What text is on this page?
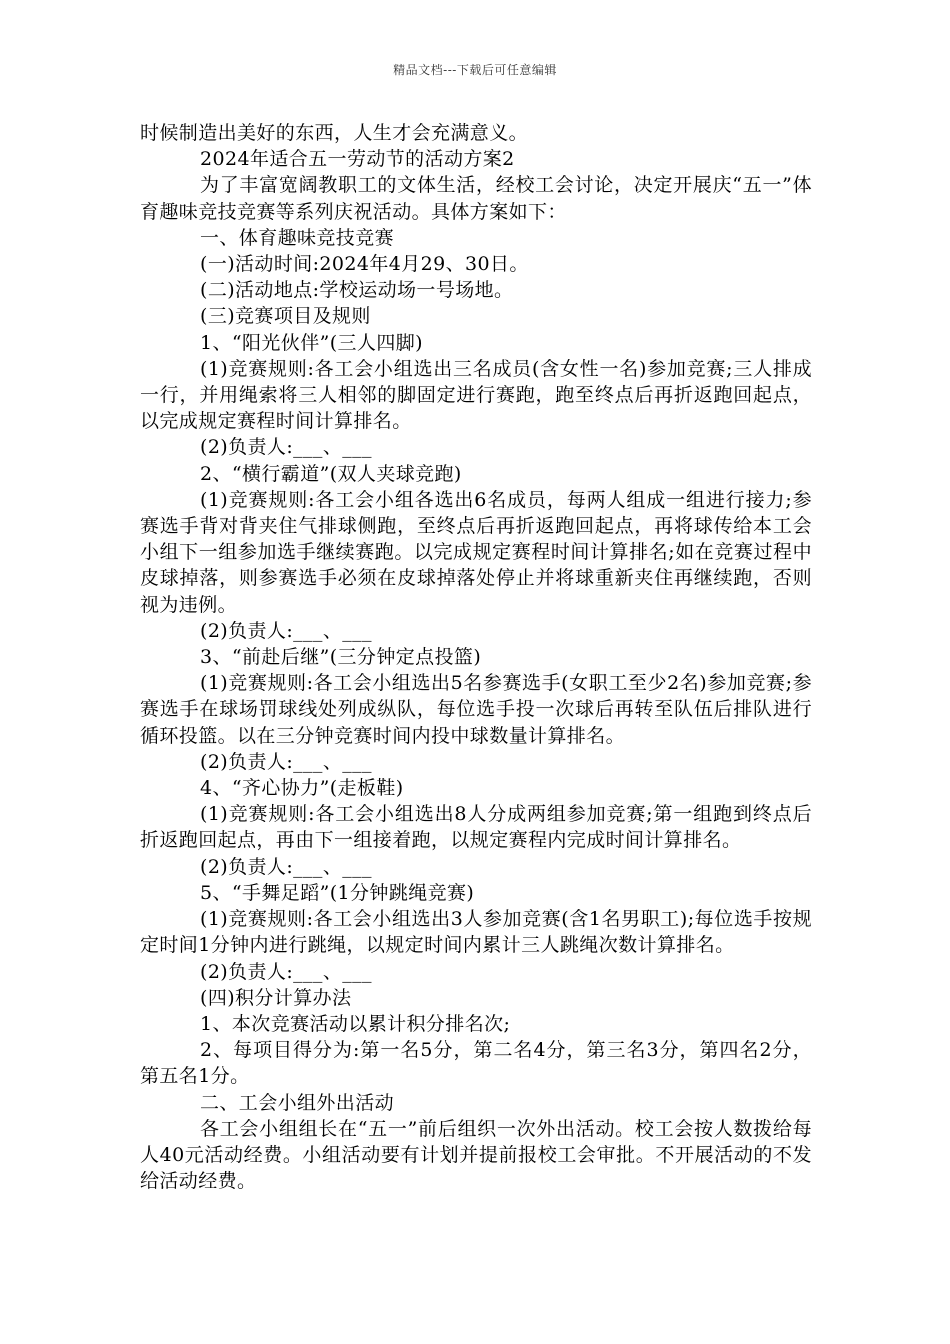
精品文档---下载后可任意编辑

时候制造出美好的东西，人生才会充满意义。

2024年适合五一劳动节的活动方案2

为了丰富宽阔教职工的文体生活，经校工会讨论，决定开展庆“五一”体育趣味竞技竞赛等系列庆祝活动。具体方案如下：

一、体育趣味竞技竞赛

(一)活动时间:2024年4月29、30日。

(二)活动地点:学校运动场一号场地。

(三)竞赛项目及规则

1、“阳光伙伴”(三人四脚)

(1)竞赛规则:各工会小组选出三名成员(含女性一名)参加竞赛;三人排成一行，并用绳索将三人相邻的脚固定进行赛跑，跑至终点后再折返跑回起点，以完成规定赛程时间计算排名。

(2)负责人:___、___

2、“横行霸道”(双人夹球竞跑)

(1)竞赛规则:各工会小组各选出6名成员，每两人组成一组进行接力;参赛选手背对背夹住气排球侧跑，至终点后再折返跑回起点，再将球传给本工会小组下一组参加选手继续赛跑。以完成规定赛程时间计算排名;如在竞赛过程中皮球掉落，则参赛选手必须在皮球掉落处停止并将球重新夹住再继续跑，否则视为违例。

(2)负责人:___、___

3、“前赴后继”(三分钟定点投篮)

(1)竞赛规则:各工会小组选出5名参赛选手(女职工至少2名)参加竞赛;参赛选手在球场罚球线处列成纵队，每位选手投一次球后再转至队伍后排队进行循环投篮。以在三分钟竞赛时间内投中球数量计算排名。

(2)负责人:___、___

4、“齐心协力”(走板鞋)

(1)竞赛规则:各工会小组选出8人分成两组参加竞赛;第一组跑到终点后折返跑回起点，再由下一组接着跑，以规定赛程内完成时间计算排名。

(2)负责人:___、___

5、“手舞足蹈”(1分钟跳绳竞赛)

(1)竞赛规则:各工会小组选出3人参加竞赛(含1名男职工);每位选手按规定时间1分钟内进行跳绳，以规定时间内累计三人跳绳次数计算排名。

(2)负责人:___、___

(四)积分计算办法

1、本次竞赛活动以累计积分排名次;

2、每项目得分为:第一名5分，第二名4分，第三名3分，第四名2分，第五名1分。

二、工会小组外出活动

各工会小组组长在“五一”前后组织一次外出活动。校工会按人数拨给每人40元活动经费。小组活动要有计划并提前报校工会审批。不开展活动的不发给活动经费。
